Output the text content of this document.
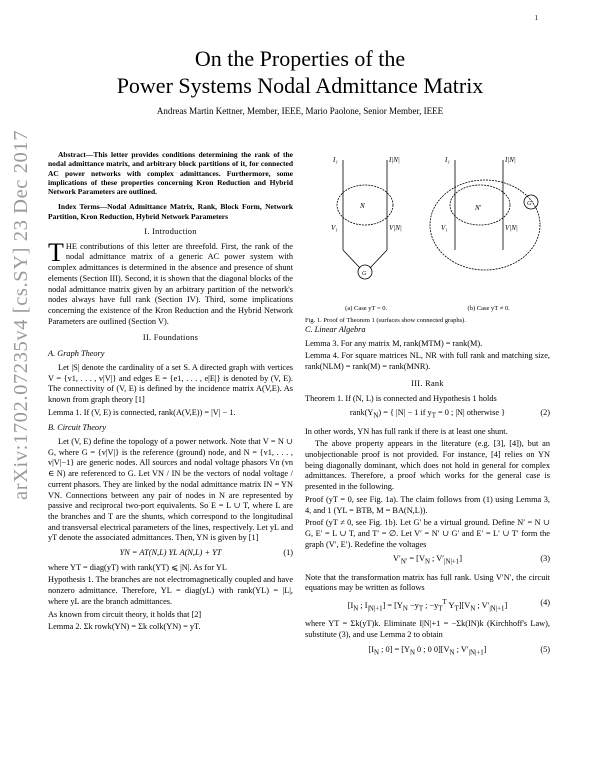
1
arXiv:1702.07235v4 [cs.SY] 23 Dec 2017
On the Properties of the
Power Systems Nodal Admittance Matrix
Andreas Martin Kettner, Member, IEEE, Mario Paolone, Senior Member, IEEE

Abstract—This letter provides conditions determining the rank of the nodal admittance matrix, and arbitrary block partitions of it, for connected AC power networks with complex admittances. Furthermore, some implications of these properties concerning Kron Reduction and Hybrid Network Parameters are outlined.

Index Terms—Nodal Admittance Matrix, Rank, Block Form, Network Partition, Kron Reduction, Hybrid Network Parameters

I. Introduction

THE contributions of this letter are threefold. First, the rank of the nodal admittance matrix of a generic AC power system with complex admittances is determined in the absence and presence of shunt elements (Section III). Second, it is shown that the diagonal blocks of the nodal admittance matrix given by an arbitrary partition of the network's nodes always have full rank (Section IV). Third, some implications concerning the existence of the Kron Reduction and the Hybrid Network Parameters are outlined (Section V).

II. Foundations
A. Graph Theory

Let |S| denote the cardinality of a set S. A directed graph with vertices V = {v1, . . . , v|V|} and edges E = {e1, . . . , e|E|} is denoted by (V, E). The connectivity of (V, E) is defined by the incidence matrix A(V,E). As known from graph theory [1]

Lemma 1. If (V, E) is connected, rank(A(V,E)) = |V| − 1.

B. Circuit Theory

Let (V, E) define the topology of a power network. Note that V = N ∪ G, where G = {v|V|} is the reference (ground) node, and N = {v1, . . . , v|V|−1} are generic nodes. All sources and nodal voltage phasors Vn (vn ∈ N) are referenced to G. Let VN / IN be the vectors of nodal voltage / current phasors. They are linked by the nodal admittance matrix IN = YN VN. Connections between any pair of nodes in N are represented by passive and reciprocal two-port equivalents. So E = L ∪ T, where L are the branches and T are the shunts, which correspond to the longitudinal and transversal electrical parameters of the lines, respectively. Let yL and yT denote the associated admittances. Then, YN is given by [1]

YN = AT(N,L) YL A(N,L) + YT	(1)

where YT = diag(yT) with rank(YT) ⩽ |N|. As for YL

Hypothesis 1. The branches are not electromagnetically coupled and have nonzero admittance. Therefore, YL = diag(yL) with rank(YL) = |L|, where yL are the branch admittances.

As known from circuit theory, it holds that [2]

Lemma 2. Σk rowk(YN) = Σk colk(YN) = yT.

I₁	I|N|
V₁	V|N|
N
G
I₁	I|N|
V₁	V|N|
N′	G′
(a) Case yT = 0.	(b) Case yT ≠ 0.
Fig. 1. Proof of Theorem 1 (surfaces show connected graphs).
C. Linear Algebra

Lemma 3. For any matrix M, rank(MTM) = rank(M).

Lemma 4. For square matrices NL, NR with full rank and matching size, rank(NLM) = rank(M) = rank(MNR).

III. Rank

Theorem 1. If (N, L) is connected and Hypothesis 1 holds

$rank(Y_N)$ = { |N| − 1 if $y_T = 0$ ; |N| otherwise }	(2)

In other words, YN has full rank if there is at least one shunt.

The above property appears in the literature (e.g. [3], [4]), but an unobjectionable proof is not provided. For instance, [4] relies on YN being diagonally dominant, which does not hold in general for complex admittances. Therefore, a proof which works for the general case is presented in the following.

Proof (yT = 0, see Fig. 1a). The claim follows from (1) using Lemma 3, 4, and 1 (YL = BTB, M = BA(N,L)).

Proof (yT ≠ 0, see Fig. 1b). Let G′ be a virtual ground. Define N′ = N ∪ G, E′ = L ∪ T, and T′ = ∅. Let V′ = N′ ∪ G′ and E′ = L′ ∪ T′ form the graph (V′, E′). Redefine the voltages

$V'_{N'} = [V_N$ ; $V'_{|N|+1}$]	(3)

Note that the transformation matrix has full rank. Using V′N′, the circuit equations may be written as follows

[$I_N$ ; $I_{|N|+1}] = [Y_N -y_T$ ; $-y_T^T$ $Y_T][V_N$ ; $V'_{|N|+1}$]	(4)

where YT = Σk(yT)k. Eliminate I|N|+1 = −Σk(IN)k (Kirchhoff's Law), substitute (3), and use Lemma 2 to obtain

[$I_N$ ; $0] = [Y_N$ 0 ; 0 $0][V_N$ ; $V'_{|N|+1}$]	(5)
